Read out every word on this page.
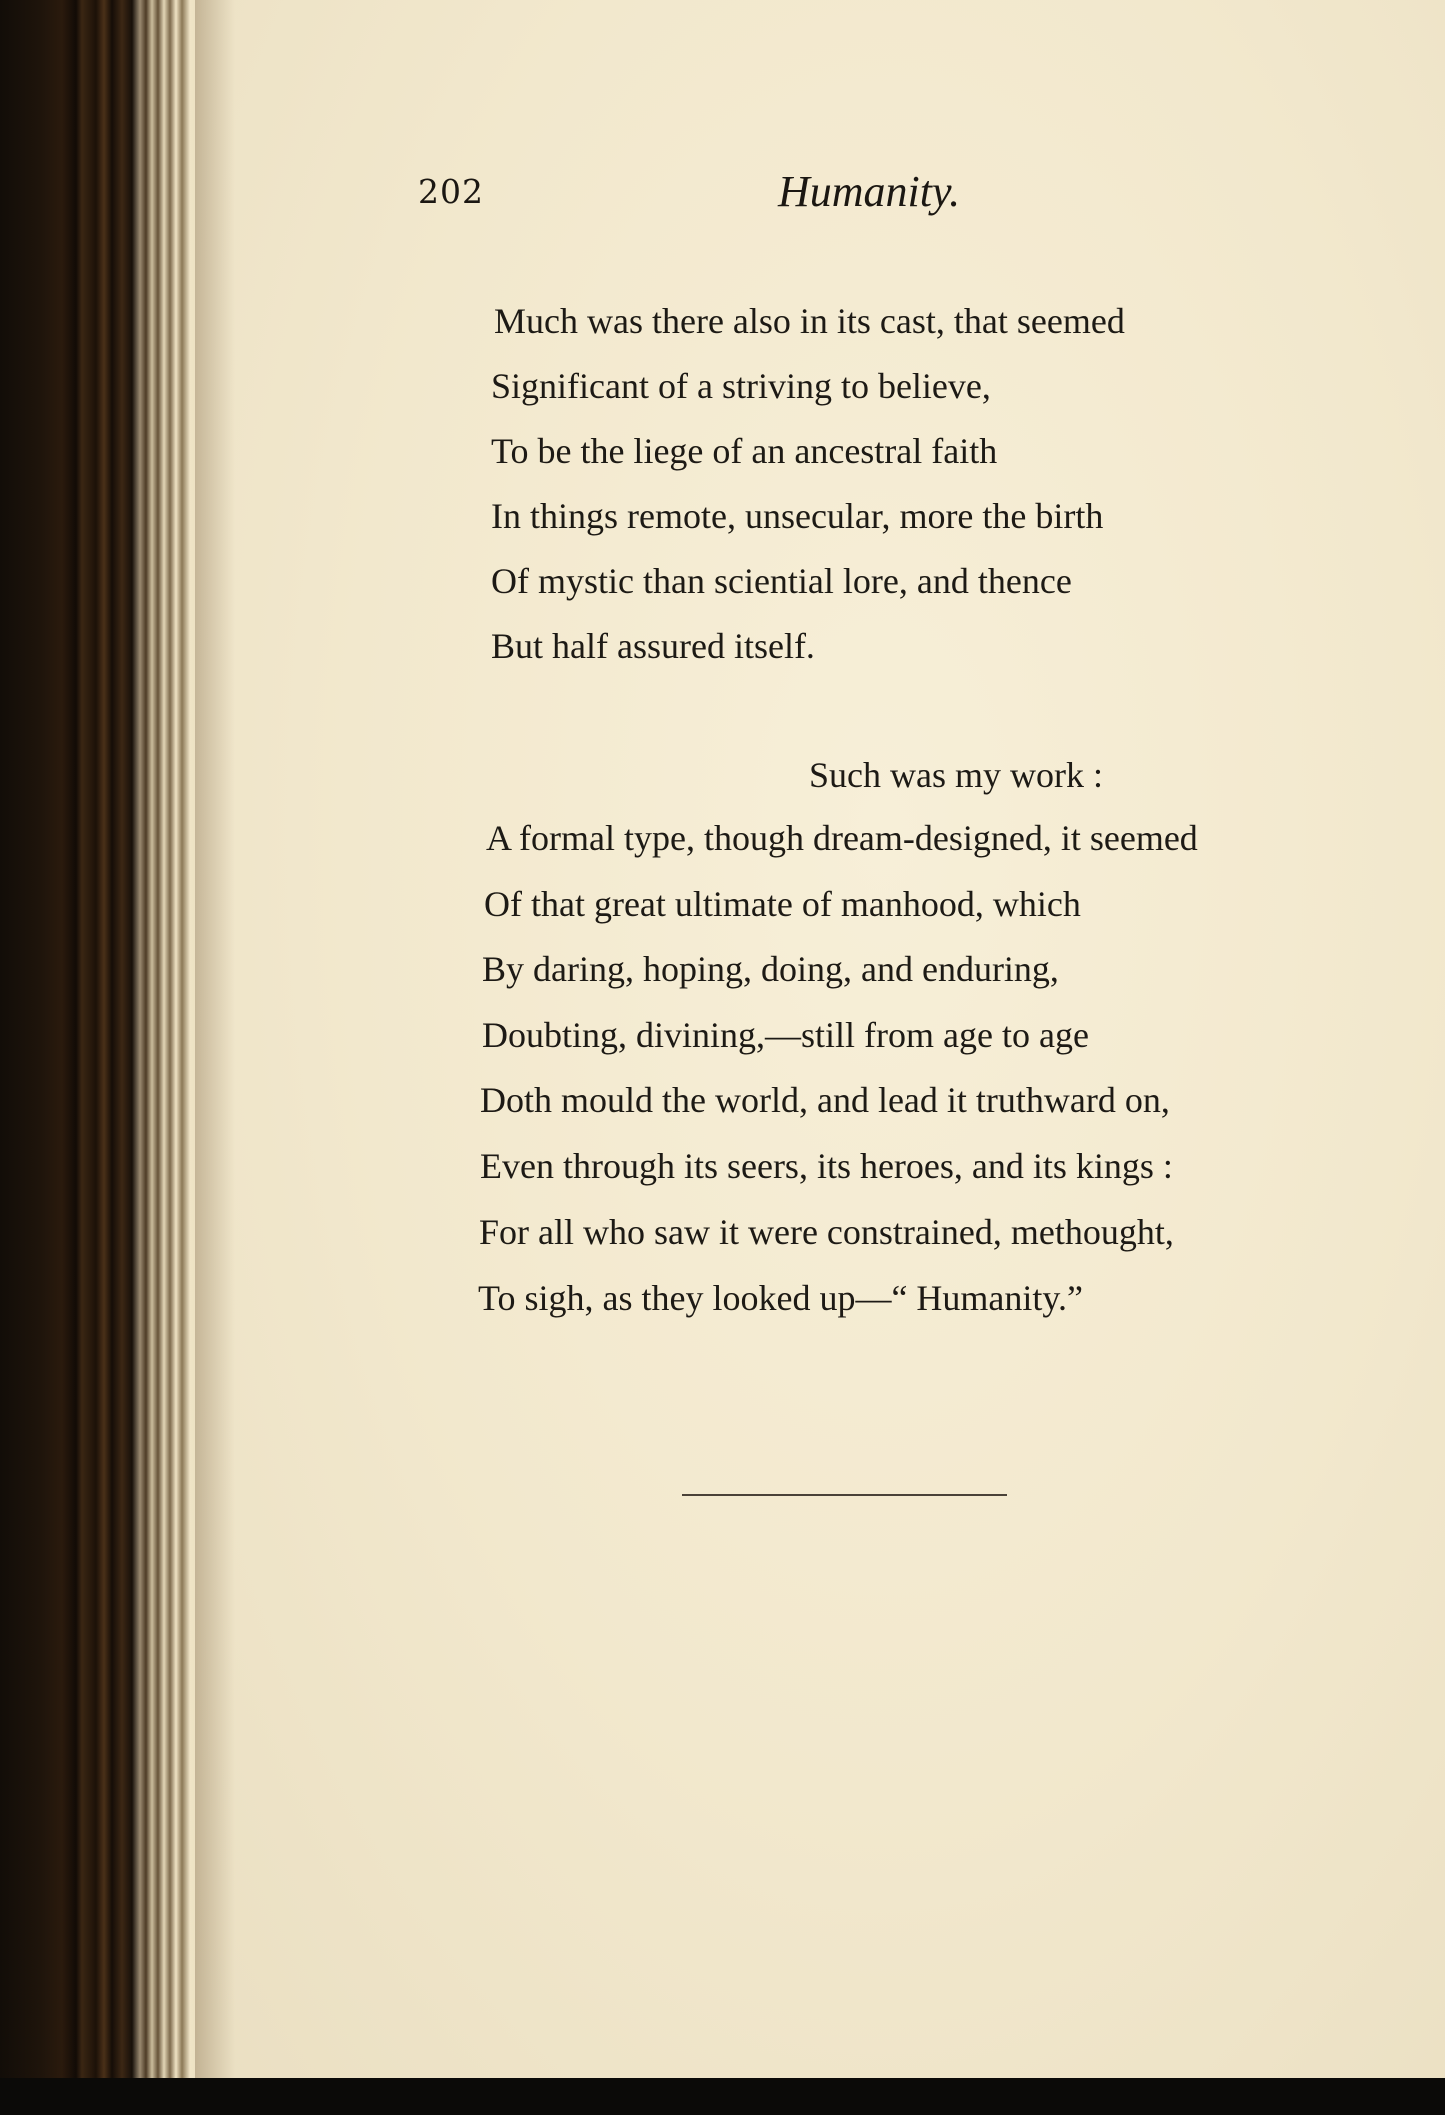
202	Humanity.
Much was there also in its cast, that seemed
Significant of a striving to believe,
To be the liege of an ancestral faith
In things remote, unsecular, more the birth
Of mystic than sciential lore, and thence
But half assured itself.
Such was my work :
A formal type, though dream-designed, it seemed
Of that great ultimate of manhood, which
By daring, hoping, doing, and enduring,
Doubting, divining,—still from age to age
Doth mould the world, and lead it truthward on,
Even through its seers, its heroes, and its kings :
For all who saw it were constrained, methought,
To sigh, as they looked up—“ Humanity.”
